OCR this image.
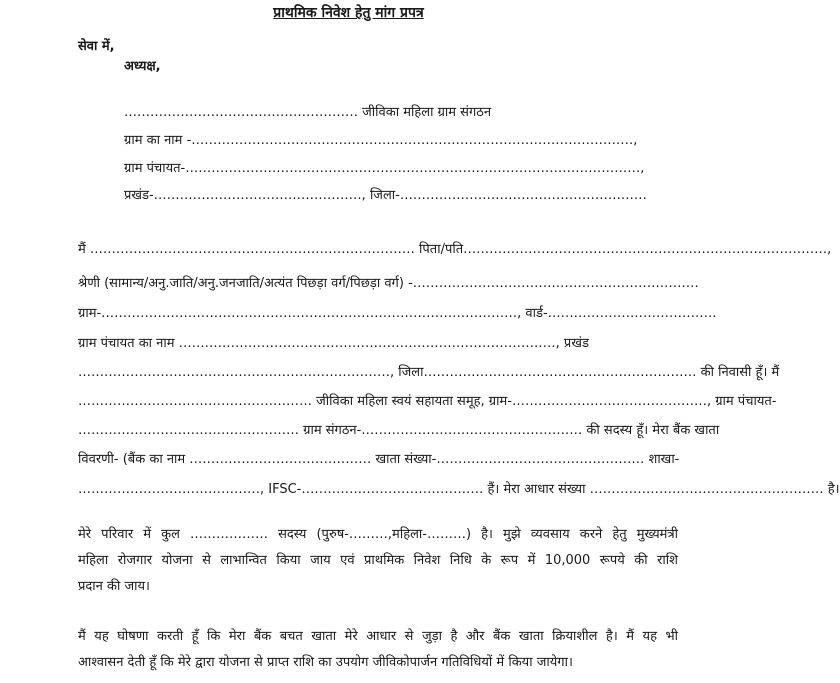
प्राथमिक निवेश हेतु मांग प्रपत्र
सेवा में,
अध्यक्ष,
……………………………………………… जीविका महिला ग्राम संगठन
ग्राम का नाम -…………………………………………………………………………………………,
ग्राम पंचायत-……………………………………………………………………………………………,
प्रखंड-…………………………………………, जिला-…………………………………………………
मैं ………………………………………………………………… पिता/पति…………………………………………………………………………,
श्रेणी (सामान्य/अनु.जाति/अनु.जनजाति/अत्यंत पिछड़ा वर्ग/पिछड़ा वर्ग) -…………………………………………………………
ग्राम-……………………………………………………………………………………, वार्ड-…………………………………
ग्राम पंचायत का नाम ……………………………………………………………………………, प्रखंड
………………………………………………………………, जिला……………………………………………………… की निवासी हूँ। मैं
……………………………………………… जीविका महिला स्वयं सहायता समूह, ग्राम-………………………………………, ग्राम पंचायत-
…………………………………………… ग्राम संगठन-…………………………………………… की सदस्य हूँ। मेरा बैंक खाता
विवरणी- (बैंक का नाम …………………………………… खाता संख्या-………………………………………… शाखा-
……………………………………, IFSC-…………………………………… हैं। मेरा आधार संख्या ……………………………………………… है।
मेरे परिवार में कुल ……………… सदस्य (पुरुष-………,महिला-………) है। मुझे व्यवसाय करने हेतु मुख्यमंत्री
महिला रोजगार योजना से लाभान्वित किया जाय एवं प्राथमिक निवेश निधि के रूप में 10,000 रूपये की राशि
प्रदान की जाय।
मैं यह घोषणा करती हूँ कि मेरा बैंक बचत खाता मेरे आधार से जुड़ा है और बैंक खाता क्रियाशील है। मैं यह भी
आश्वासन देती हूँ कि मेरे द्वारा योजना से प्राप्त राशि का उपयोग जीविकोपार्जन गतिविधियों में किया जायेगा।
